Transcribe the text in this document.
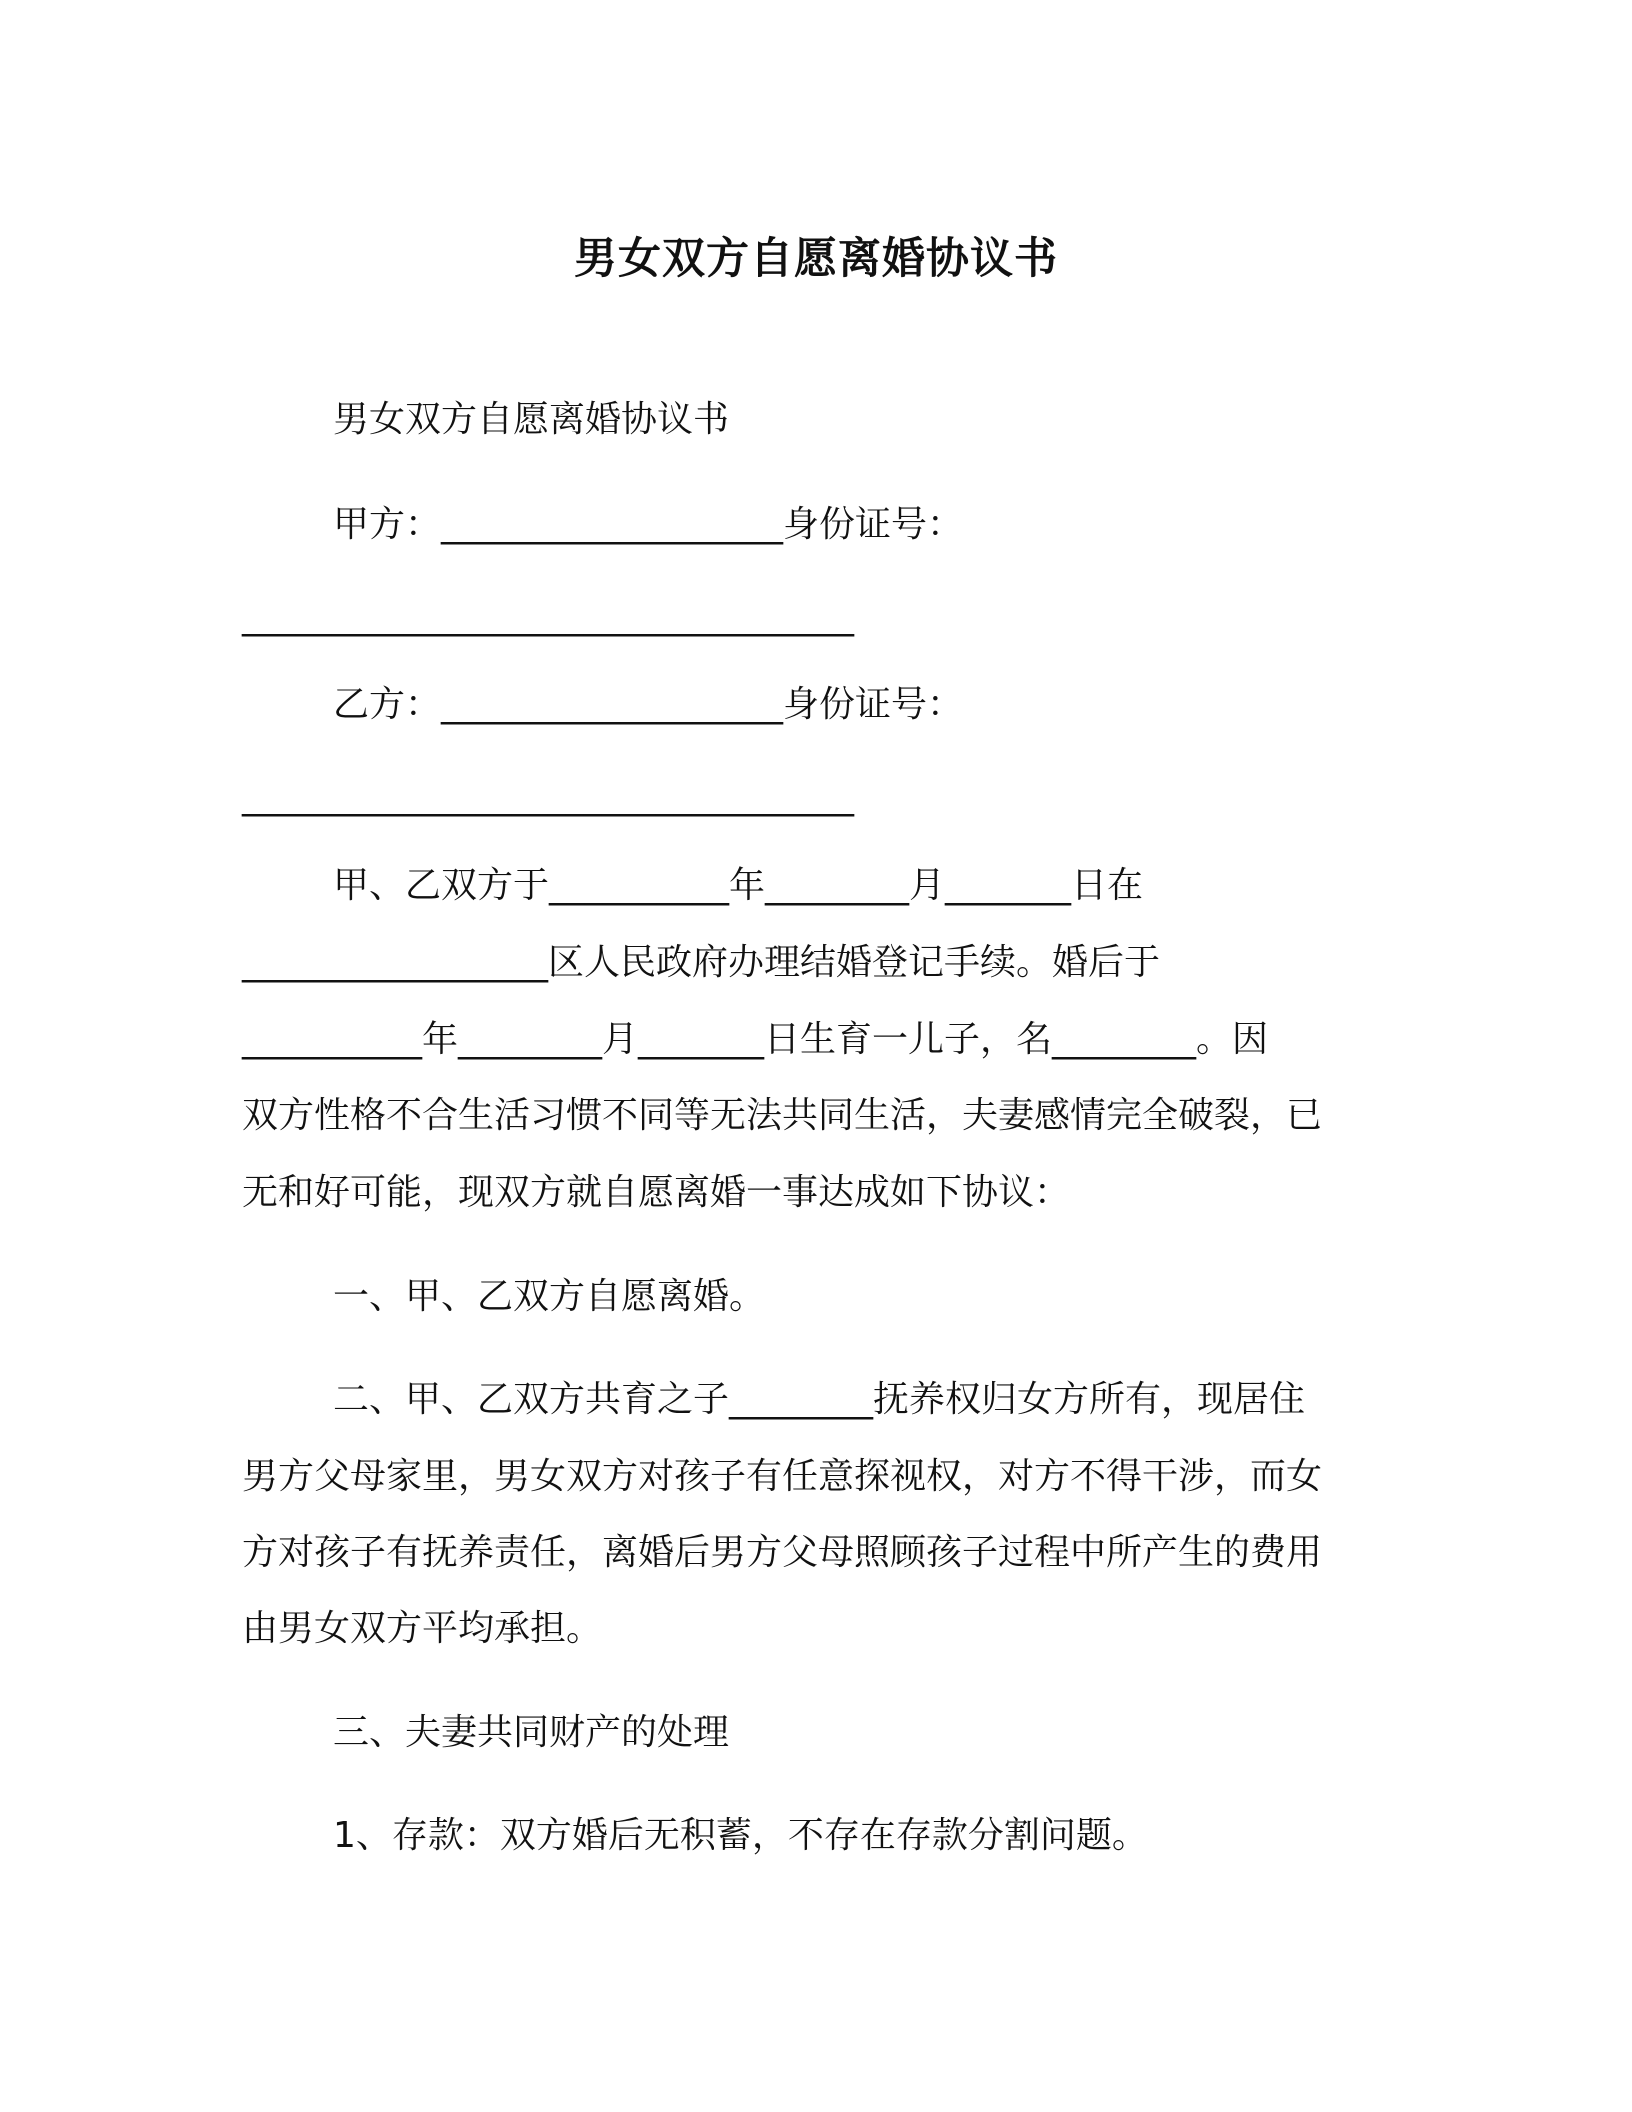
男女双方自愿离婚协议书
男女双方自愿离婚协议书
甲方：___________________身份证号：
__________________________________
乙方：___________________身份证号：
__________________________________
甲、乙双方于__________年________月_______日在
_________________区人民政府办理结婚登记手续。婚后于
__________年________月_______日生育一儿子，名________。因
双方性格不合生活习惯不同等无法共同生活，夫妻感情完全破裂，已
无和好可能，现双方就自愿离婚一事达成如下协议：
一、甲、乙双方自愿离婚。
二、甲、乙双方共育之子________抚养权归女方所有，现居住
男方父母家里，男女双方对孩子有任意探视权，对方不得干涉，而女
方对孩子有抚养责任，离婚后男方父母照顾孩子过程中所产生的费用
由男女双方平均承担。
三、夫妻共同财产的处理
1、存款：双方婚后无积蓄，不存在存款分割问题。
